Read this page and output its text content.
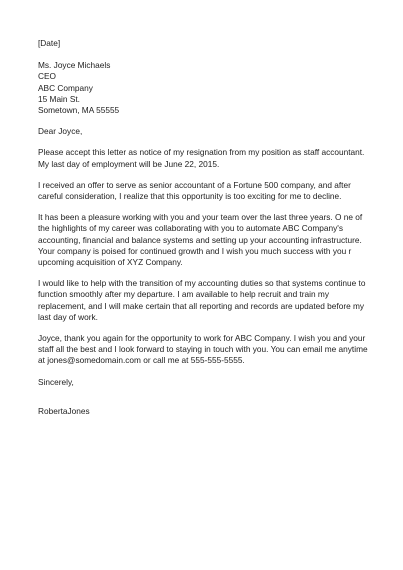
[Date]
Ms. Joyce Michaels
CEO
ABC Company
15 Main St.
Sometown, MA 55555
Dear Joyce,
Please accept this letter as notice of my resignation from my position as staff accountant.
My last day of employment will be June 22, 2015.
I received an offer to serve as senior accountant of a Fortune 500 company, and after
careful consideration, I realize that this opportunity is too exciting for me to decline.
It has been a pleasure working with you and your team over the last three years. O ne of
the highlights of my career was collaborating with you to automate ABC Company's
accounting, financial and balance systems and setting up your accounting infrastructure.
Your company is poised for continued growth and I wish you much success with you r
upcoming acquisition of XYZ Company.
I would like to help with the transition of my accounting duties so that systems continue to
function smoothly after my departure. I am available to help recruit and train my
replacement, and I will make certain that all reporting and records are updated before my
last day of work.
Joyce, thank you again for the opportunity to work for ABC Company. I wish you and your
staff all the best and I look forward to staying in touch with you. You can email me anytime
at jones@somedomain.com or call me at 555-555-5555.
Sincerely,
RobertaJones
